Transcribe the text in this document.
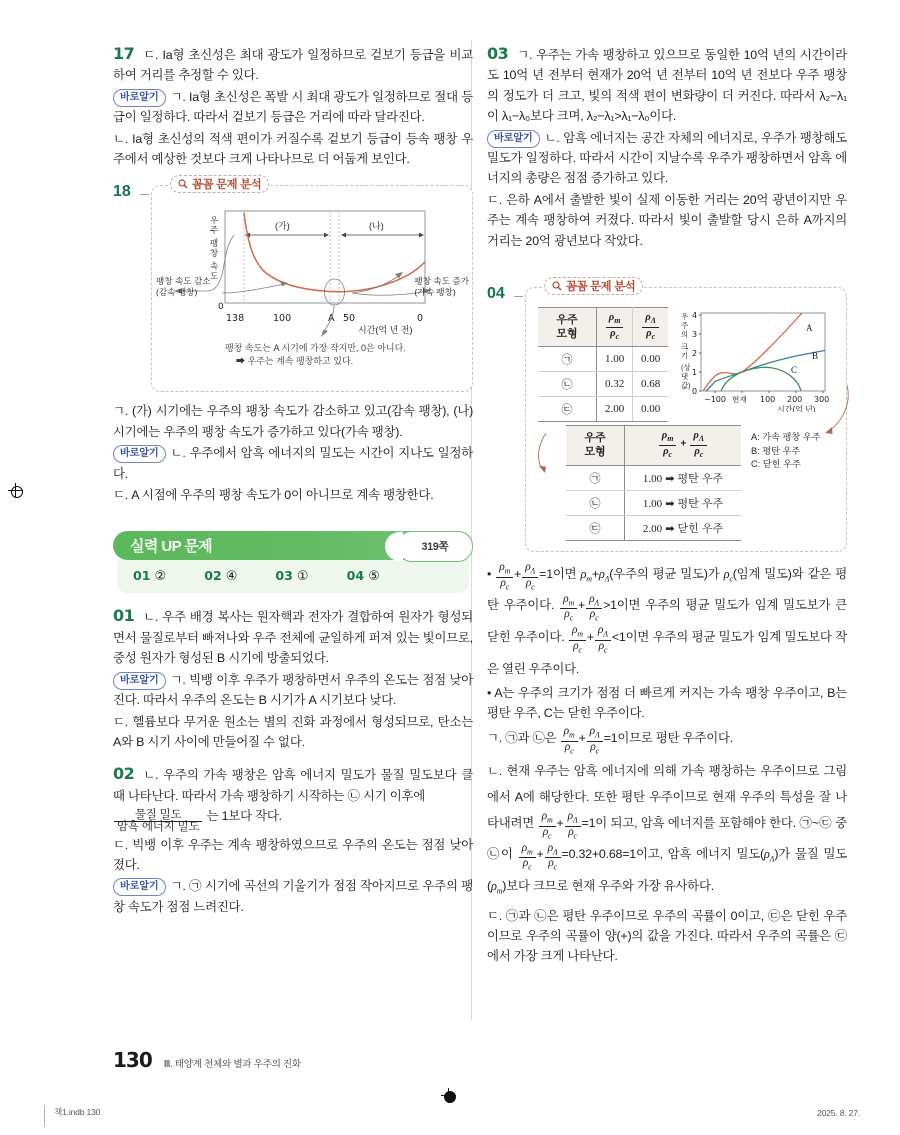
17 ㄷ. Ia형 초신성은 최대 광도가 일정하므로 겉보기 등급을 비교하여 거리를 추정할 수 있다.

바로알기 ㄱ. Ia형 초신성은 폭발 시 최대 광도가 일정하므로 절대 등급이 일정하다. 따라서 겉보기 등급은 거리에 따라 달라진다.

ㄴ. Ia형 초신성의 적색 편이가 커질수록 겉보기 등급이 등속 팽창 우주에서 예상한 것보다 크게 나타나므로 더 어둡게 보인다.

18	꼼꼼 문제 분석
우
주
팽
창
속
도
(가)	(나)
0
138	100	A 50	0
시간(억 년 전)
팽창 속도는 A 시기에 가장 작지만, 0은 아니다.
➡ 우주는 계속 팽창하고 있다.
팽창 속도 감소
(감속 팽창)
팽창 속도 증가
(가속 팽창)

ㄱ. (가) 시기에는 우주의 팽창 속도가 감소하고 있고(감속 팽창), (나) 시기에는 우주의 팽창 속도가 증가하고 있다(가속 팽창).

바로알기 ㄴ. 우주에서 암흑 에너지의 밀도는 시간이 지나도 일정하다.

ㄷ. A 시점에 우주의 팽창 속도가 0이 아니므로 계속 팽창한다.

실력 UP 문제	319쪽
01 ②	02 ④	03 ①	04 ⑤

01 ㄴ. 우주 배경 복사는 원자핵과 전자가 결합하여 원자가 형성되면서 물질로부터 빠져나와 우주 전체에 균일하게 퍼져 있는 빛이므로, 중성 원자가 형성된 B 시기에 방출되었다.

바로알기 ㄱ. 빅뱅 이후 우주가 팽창하면서 우주의 온도는 점점 낮아진다. 따라서 우주의 온도는 B 시기가 A 시기보다 낮다.

ㄷ. 헬륨보다 무거운 원소는 별의 진화 과정에서 형성되므로, 탄소는 A와 B 시기 사이에 만들어질 수 없다.

02 ㄴ. 우주의 가속 팽창은 암흑 에너지 밀도가 물질 밀도보다 클 때 나타난다. 따라서 가속 팽창하기 시작하는 ㉡ 시기 이후에

$\frac{\text{물질 밀도}}{\text{암흑 에너지 밀도}}$ 는 1보다 작다.

ㄷ. 빅뱅 이후 우주는 계속 팽창하였으므로 우주의 온도는 점점 낮아졌다.

바로알기 ㄱ. ㉠ 시기에 곡선의 기울기가 점점 작아지므로 우주의 팽창 속도가 점점 느려진다.

03 ㄱ. 우주는 가속 팽창하고 있으므로 동일한 10억 년의 시간이라도 10억 년 전부터 현재가 20억 년 전부터 10억 년 전보다 우주 팽창의 정도가 더 크고, 빛의 적색 편이 변화량이 더 커진다. 따라서 λ₂−λ₁이 λ₁−λ₀보다 크며, λ₂−λ₁>λ₁−λ₀이다.

바로알기 ㄴ. 암흑 에너지는 공간 자체의 에너지로, 우주가 팽창해도 밀도가 일정하다. 따라서 시간이 지날수록 우주가 팽창하면서 암흑 에너지의 총량은 점점 증가하고 있다.

ㄷ. 은하 A에서 출발한 빛이 실제 이동한 거리는 20억 광년이지만 우주는 계속 팽창하여 커졌다. 따라서 빛이 출발할 당시 은하 A까지의 거리는 20억 광년보다 작았다.

04	꼼꼼 문제 분석
우주
모형	$\frac{\rho_m}{\rho_c}$	$\frac{\rho_\Lambda}{\rho_c}$

㉠	1.00	0.00
㉡	0.32	0.68
㉢	2.00	0.00
우
주
의
크
기
(상
댓
값)
4
3
2
1
0
A
B
C
−100 현재 100 200 300
시간(억 년)
우주
모형	$\frac{\rho_m}{\rho_c} + \frac{\rho_\Lambda}{\rho_c}$

㉠	1.00 ➡ 평탄 우주
㉡	1.00 ➡ 평탄 우주
㉢	2.00 ➡ 닫힌 우주
A: 가속 팽창 우주
B: 평탄 우주
C: 닫힌 우주

• $\frac{\rho_m}{\rho_c} + \frac{\rho_\Lambda}{\rho_c} =1$이면 $\rho_m+\rho_\Lambda$(우주의 평균 밀도)가 $\rho_c$(임계 밀도)와 같은 평탄 우주이다. $\frac{\rho_m}{\rho_c} + \frac{\rho_\Lambda}{\rho_c} >1$이면 우주의 평균 밀도가 임계 밀도보가 큰 닫힌 우주이다. $\frac{\rho_m}{\rho_c} + \frac{\rho_\Lambda}{\rho_c} <1$이면 우주의 평균 밀도가 임계 밀도보다 작은 열린 우주이다.

• A는 우주의 크기가 점점 더 빠르게 커지는 가속 팽창 우주이고, B는 평탄 우주, C는 닫힌 우주이다.

ㄱ. ㉠과 ㉡은 $\frac{\rho_m}{\rho_c} + \frac{\rho_\Lambda}{\rho_c} =1$이므로 평탄 우주이다.

ㄴ. 현재 우주는 암흑 에너지에 의해 가속 팽창하는 우주이므로 그림에서 A에 해당한다. 또한 평탄 우주이므로 현재 우주의 특성을 잘 나타내려면 $\frac{\rho_m}{\rho_c} + \frac{\rho_\Lambda}{\rho_c} =1$이 되고, 암흑 에너지를 포함해야 한다. ㉠~㉢ 중 ㉡이 $\frac{\rho_m}{\rho_c} + \frac{\rho_\Lambda}{\rho_c} =0.32+0.68=1$이고, 암흑 에너지 밀도$(\rho_\Lambda)$가 물질 밀도$(\rho_m)$보다 크므로 현재 우주와 가장 유사하다.

ㄷ. ㉠과 ㉡은 평탄 우주이므로 우주의 곡률이 0이고, ㉢은 닫힌 우주이므로 우주의 곡률이 양(+)의 값을 가진다. 따라서 우주의 곡률은 ㉢에서 가장 크게 나타난다.

130 Ⅲ. 태양계 천체와 별과 우주의 진화
책1.indb 130	2025. 8. 27.
